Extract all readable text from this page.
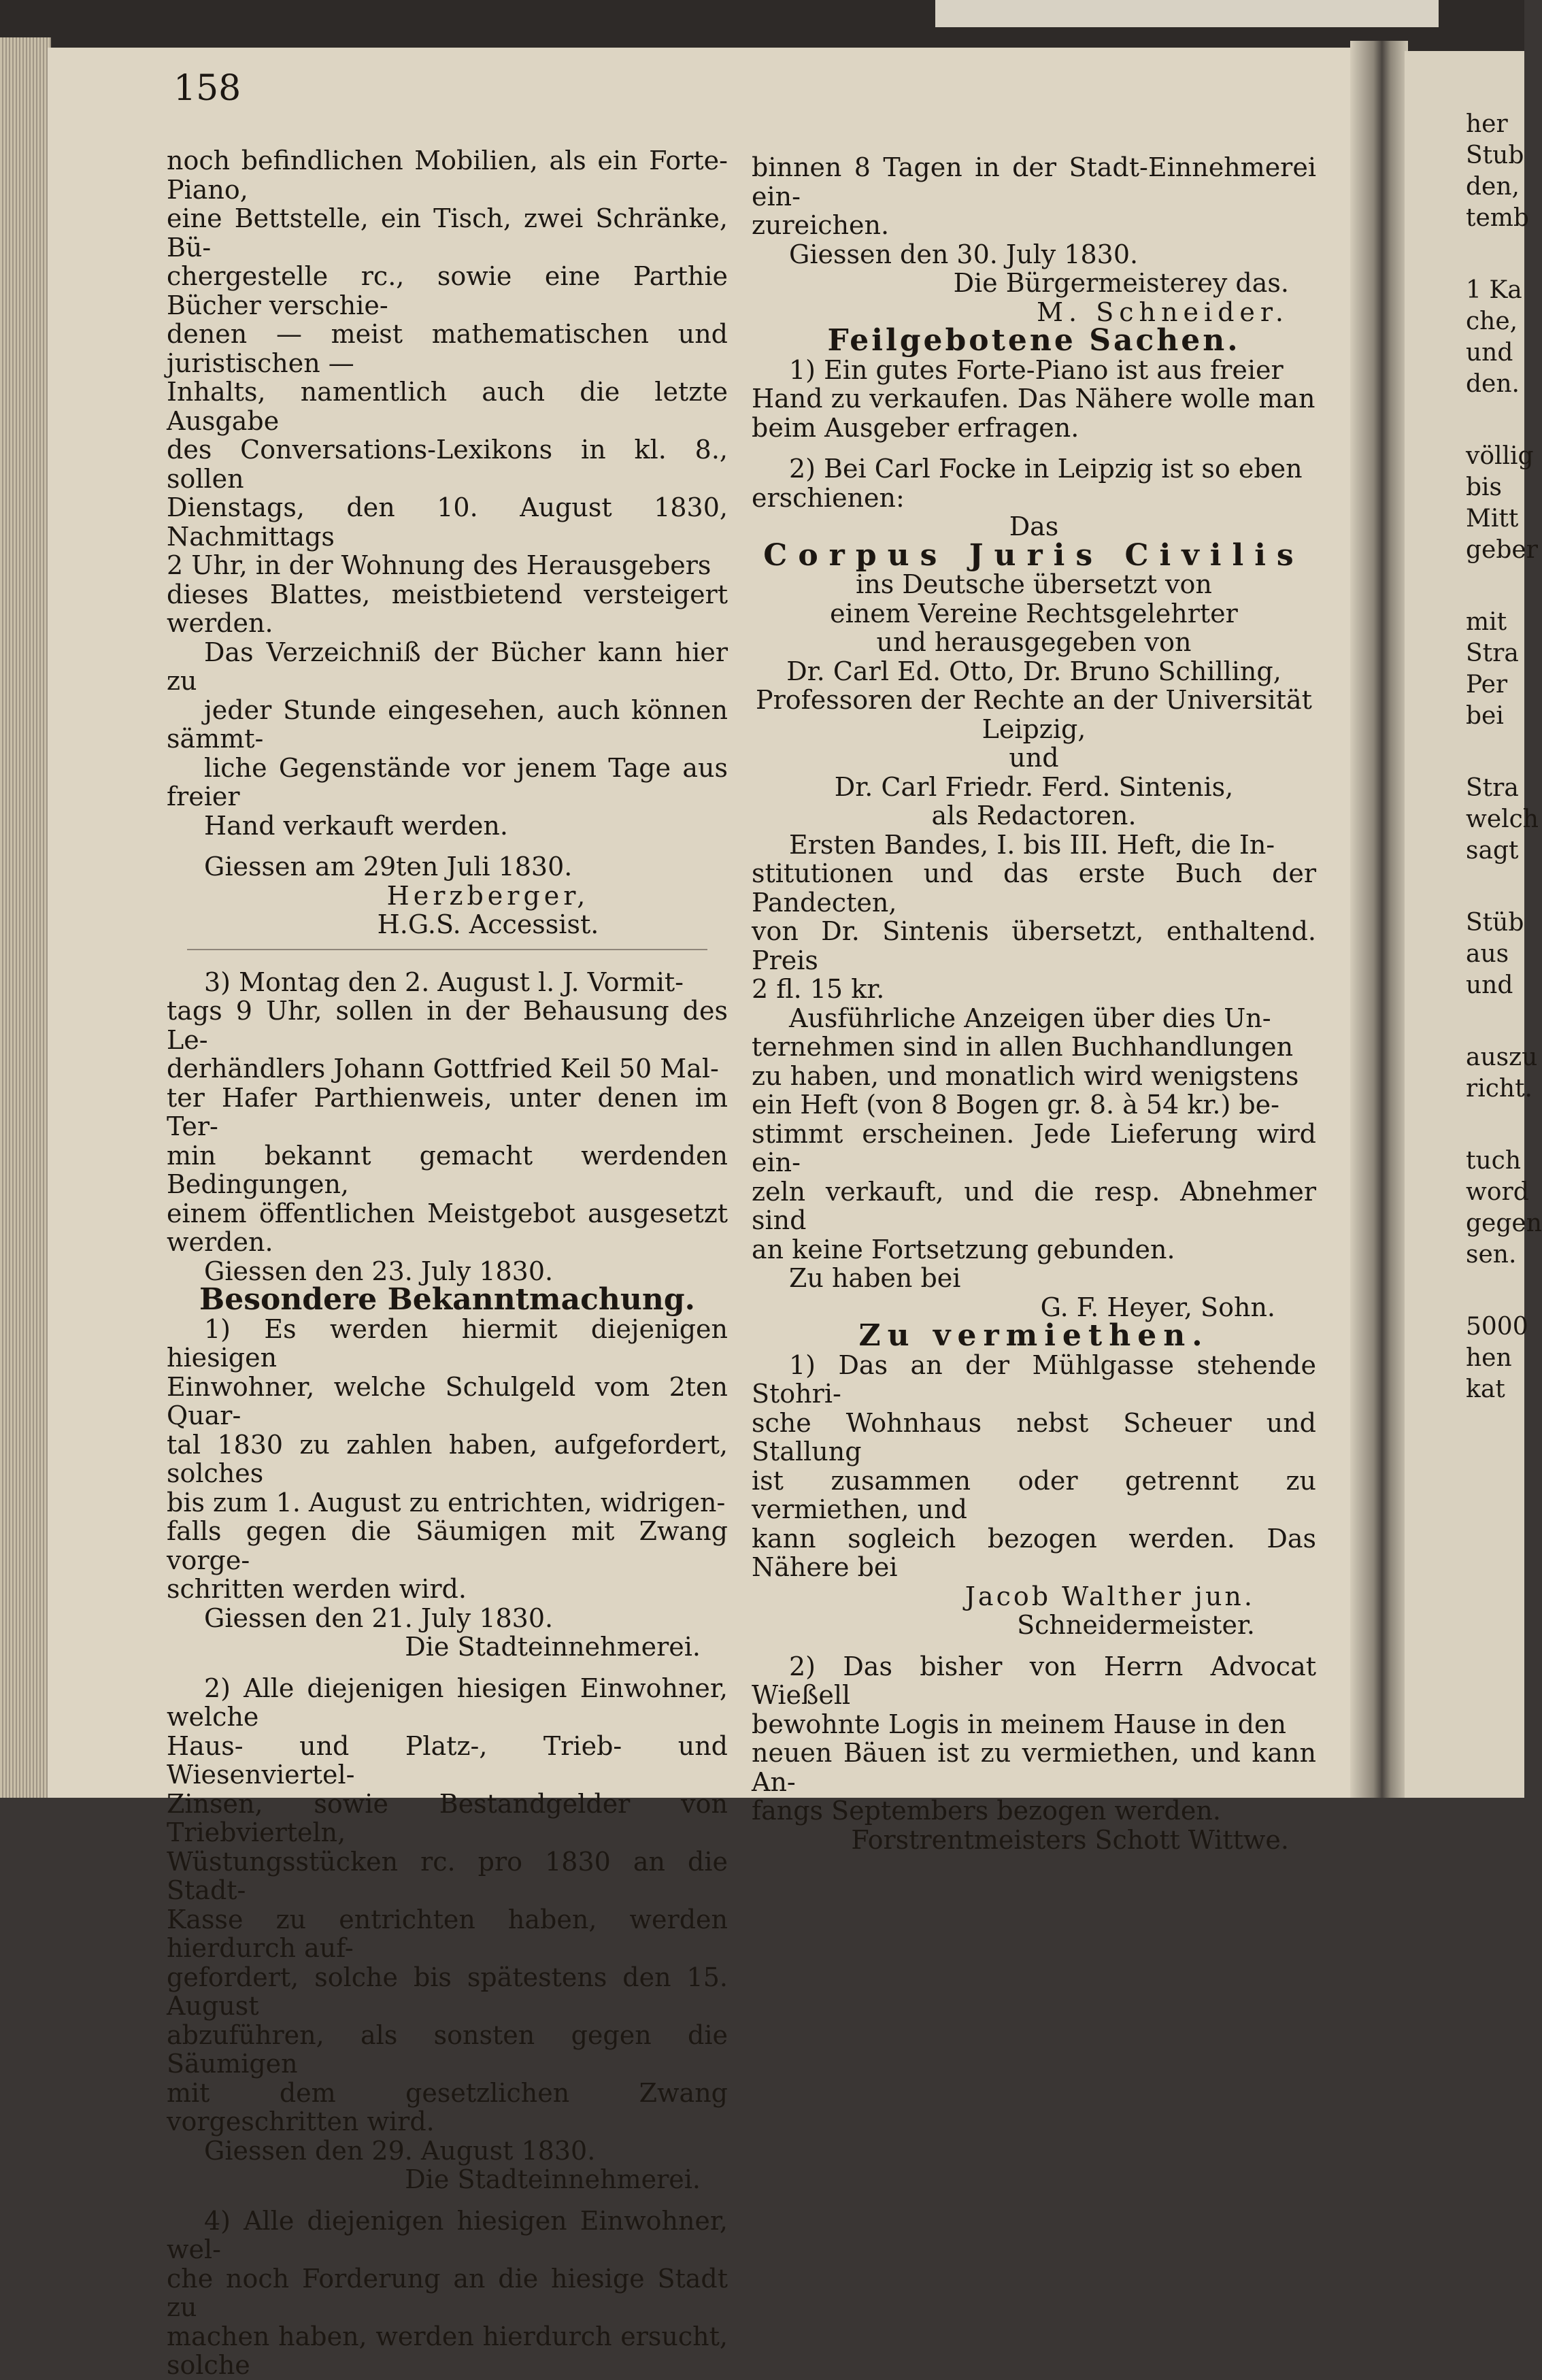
158

noch befindlichen Mobilien, als ein Forte-Piano,

eine Bettstelle, ein Tisch, zwei Schränke, Bü-

chergestelle rc., sowie eine Parthie Bücher verschie-

denen — meist mathematischen und juristischen —

Inhalts, namentlich auch die letzte Ausgabe

des Conversations-Lexikons in kl. 8., sollen

Dienstags, den 10. August 1830, Nachmittags

2 Uhr, in der Wohnung des Herausgebers

dieses Blattes, meistbietend versteigert werden.

Das Verzeichniß der Bücher kann hier zu

jeder Stunde eingesehen, auch können sämmt-

liche Gegenstände vor jenem Tage aus freier

Hand verkauft werden.

Giessen am 29ten Juli 1830.

Herzberger,

H.G.S. Accessist.

3) Montag den 2. August l. J. Vormit-

tags 9 Uhr, sollen in der Behausung des Le-

derhändlers Johann Gottfried Keil 50 Mal-

ter Hafer Parthienweis, unter denen im Ter-

min bekannt gemacht werdenden Bedingungen,

einem öffentlichen Meistgebot ausgesetzt werden.

Giessen den 23. July 1830.

Besondere Bekanntmachung.

1) Es werden hiermit diejenigen hiesigen

Einwohner, welche Schulgeld vom 2ten Quar-

tal 1830 zu zahlen haben, aufgefordert, solches

bis zum 1. August zu entrichten, widrigen-

falls gegen die Säumigen mit Zwang vorge-

schritten werden wird.

Giessen den 21. July 1830.

Die Stadteinnehmerei.

2) Alle diejenigen hiesigen Einwohner, welche

Haus- und Platz-, Trieb- und Wiesenviertel-

Zinsen, sowie Bestandgelder von Triebvierteln,

Wüstungsstücken rc. pro 1830 an die Stadt-

Kasse zu entrichten haben, werden hierdurch auf-

gefordert, solche bis spätestens den 15. August

abzuführen, als sonsten gegen die Säumigen

mit dem gesetzlichen Zwang vorgeschritten wird.

Giessen den 29. August 1830.

Die Stadteinnehmerei.

4) Alle diejenigen hiesigen Einwohner, wel-

che noch Forderung an die hiesige Stadt zu

machen haben, werden hierdurch ersucht, solche

binnen 8 Tagen in der Stadt-Einnehmerei ein-

zureichen.

Giessen den 30. July 1830.

Die Bürgermeisterey das.

M. Schneider.

Feilgebotene Sachen.

1) Ein gutes Forte-Piano ist aus freier

Hand zu verkaufen. Das Nähere wolle man

beim Ausgeber erfragen.

2) Bei Carl Focke in Leipzig ist so eben

erschienen:

Das

Corpus Juris Civilis

ins Deutsche übersetzt von

einem Vereine Rechtsgelehrter

und herausgegeben von

Dr. Carl Ed. Otto, Dr. Bruno Schilling,

Professoren der Rechte an der Universität

Leipzig,

und

Dr. Carl Friedr. Ferd. Sintenis,

als Redactoren.

Ersten Bandes, I. bis III. Heft, die In-

stitutionen und das erste Buch der Pandecten,

von Dr. Sintenis übersetzt, enthaltend. Preis

2 fl. 15 kr.

Ausführliche Anzeigen über dies Un-

ternehmen sind in allen Buchhandlungen

zu haben, und monatlich wird wenigstens

ein Heft (von 8 Bogen gr. 8. à 54 kr.) be-

stimmt erscheinen. Jede Lieferung wird ein-

zeln verkauft, und die resp. Abnehmer sind

an keine Fortsetzung gebunden.

Zu haben bei

G. F. Heyer, Sohn.

Zu vermiethen.

1) Das an der Mühlgasse stehende Stohri-

sche Wohnhaus nebst Scheuer und Stallung

ist zusammen oder getrennt zu vermiethen, und

kann sogleich bezogen werden. Das Nähere bei

Jacob Walther jun.

Schneidermeister.

2) Das bisher von Herrn Advocat Wießell

bewohnte Logis in meinem Hause in den

neuen Bäuen ist zu vermiethen, und kann An-

fangs Septembers bezogen werden.

Forstrentmeisters Schott Wittwe.

her

Stub

den,

temb

1 Ka

che,

und

den.

völlig

bis

Mitt

geber

mit

Stra

Per

bei

Stra

welch

sagt

Stüb

aus

und

auszu

richt.

tuch

word

gegen

sen.

5000

hen

kat
